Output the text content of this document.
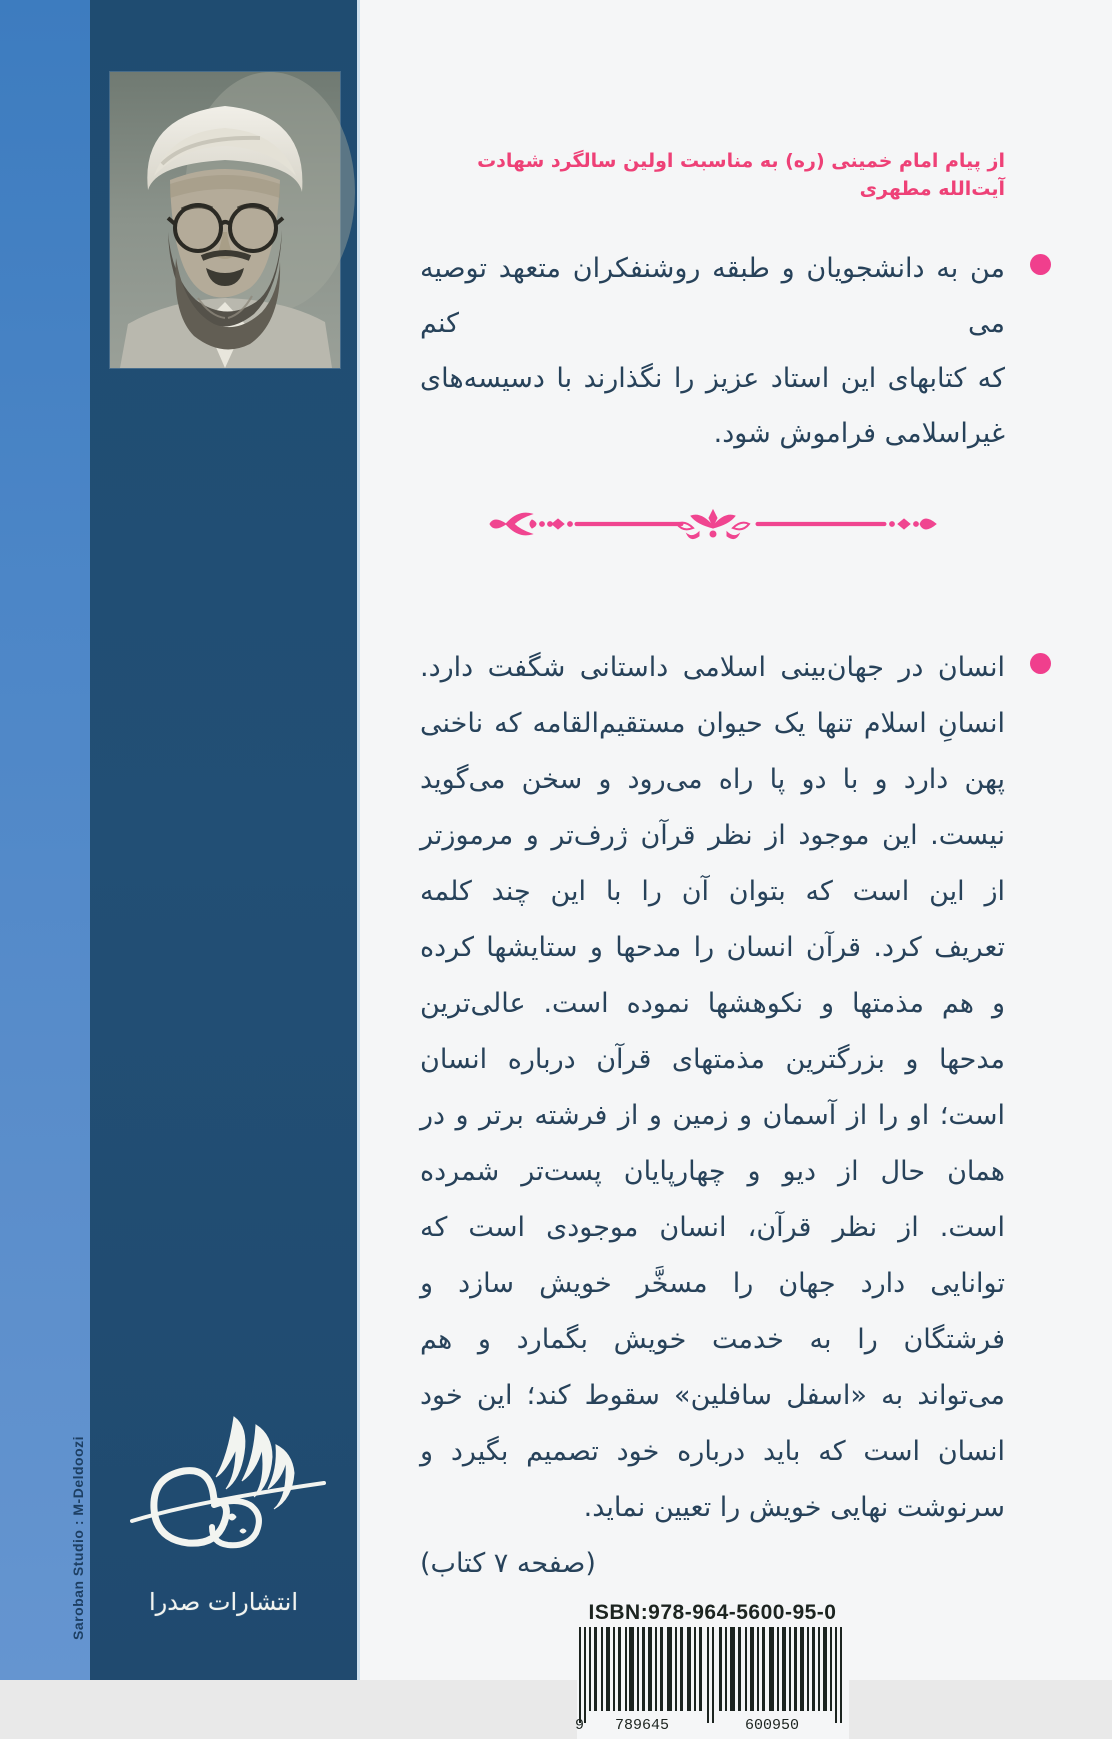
انتشارات صدرا
Saroban Studio : M-Deldoozi
از پیام امام خمینی (ره) به مناسبت اولین سالگرد شهادت آیت‌الله مطهری
من به دانشجویان و طبقه روشنفکران متعهد توصیه می کنم
که کتابهای این استاد عزیز را نگذارند با دسیسه‌های
غیراسلامی فراموش شود.
انسان در جهان‌بینی اسلامی داستانی شگفت دارد.
انسانِ اسلام تنها یک حیوان مستقیم‌القامه که ناخنی
پهن دارد و با دو پا راه می‌رود و سخن می‌گوید
نیست. این موجود از نظر قرآن ژرف‌تر و مرموزتر
از این است که بتوان آن را با این چند کلمه
تعریف کرد. قرآن انسان را مدحها و ستایشها کرده
و هم مذمتها و نکوهشها نموده است. عالی‌ترین
مدحها و بزرگترین مذمتهای قرآن درباره انسان
است؛ او را از آسمان و زمین و از فرشته برتر و در
همان حال از دیو و چهارپایان پست‌تر شمرده
است. از نظر قرآن، انسان موجودی است که
توانایی دارد جهان را مسخَّر خویش سازد و
فرشتگان را به خدمت خویش بگمارد و هم
می‌تواند به «اسفل سافلین» سقوط کند؛ این خود
انسان است که باید درباره خود تصمیم بگیرد و
سرنوشت نهایی خویش را تعیین نماید.
(صفحه ۷ کتاب)
ISBN:978-964-5600-95-0
9 789645	600950
